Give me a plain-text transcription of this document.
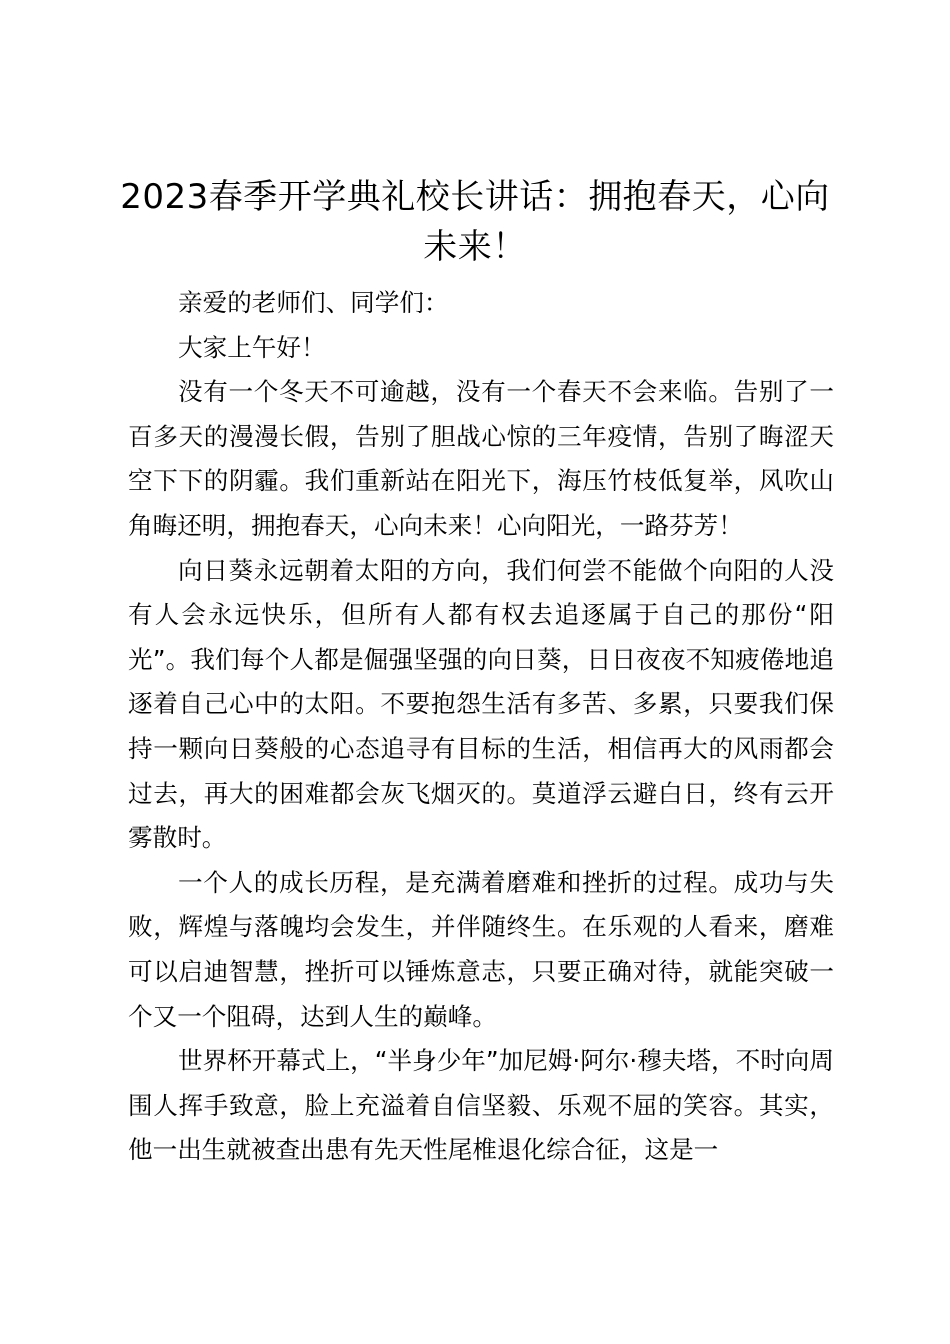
2023春季开学典礼校长讲话：拥抱春天，心向未来！

亲爱的老师们、同学们：

大家上午好！

没有一个冬天不可逾越，没有一个春天不会来临。告别了一百多天的漫漫长假，告别了胆战心惊的三年疫情，告别了晦涩天空下下的阴霾。我们重新站在阳光下，海压竹枝低复举，风吹山角晦还明，拥抱春天，心向未来！心向阳光，一路芬芳！

向日葵永远朝着太阳的方向，我们何尝不能做个向阳的人没有人会永远快乐，但所有人都有权去追逐属于自己的那份“阳光”。我们每个人都是倔强坚强的向日葵，日日夜夜不知疲倦地追逐着自己心中的太阳。不要抱怨生活有多苦、多累，只要我们保持一颗向日葵般的心态追寻有目标的生活，相信再大的风雨都会过去，再大的困难都会灰飞烟灭的。莫道浮云避白日，终有云开雾散时。

一个人的成长历程，是充满着磨难和挫折的过程。成功与失败，辉煌与落魄均会发生，并伴随终生。在乐观的人看来，磨难可以启迪智慧，挫折可以锤炼意志，只要正确对待，就能突破一个又一个阻碍，达到人生的巅峰。

世界杯开幕式上，“半身少年”加尼姆·阿尔·穆夫塔，不时向周围人挥手致意，脸上充溢着自信坚毅、乐观不屈的笑容。其实，他一出生就被查出患有先天性尾椎退化综合征，这是一
